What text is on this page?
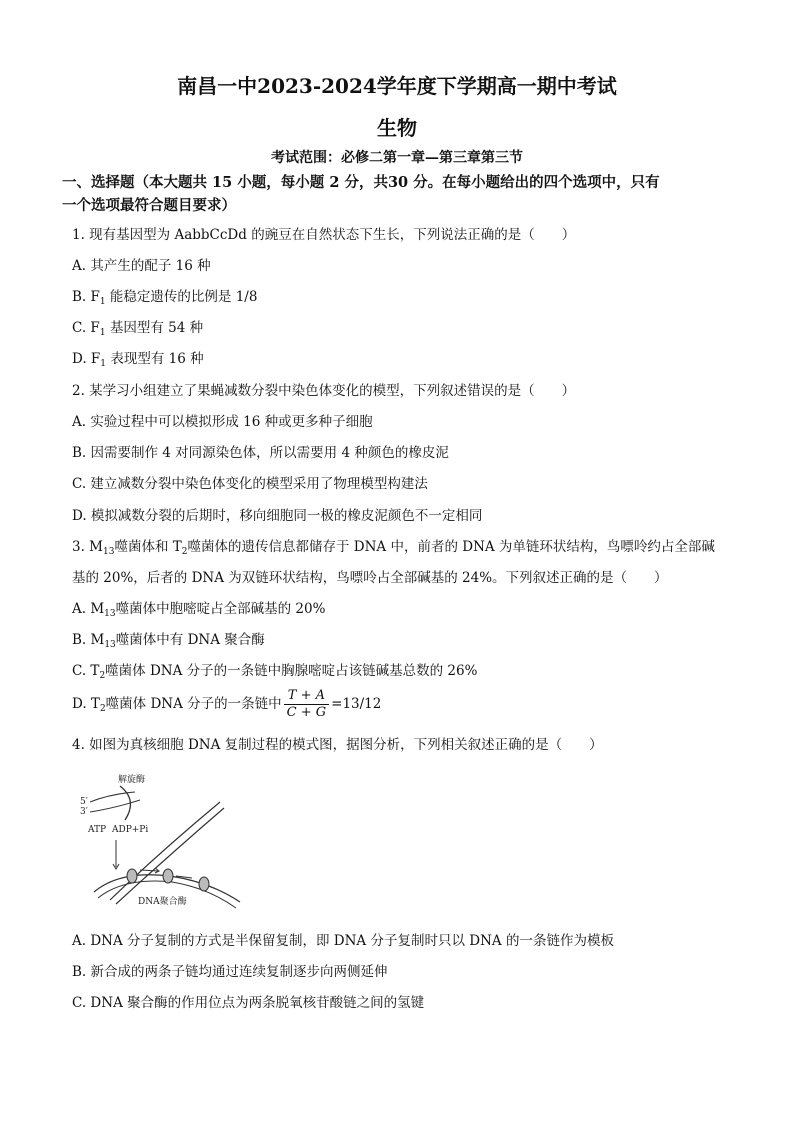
南昌一中2023-2024学年度下学期高一期中考试
生物
考试范围：必修二第一章—第三章第三节
一、选择题（本大题共 15 小题，每小题 2 分，共30 分。在每小题给出的四个选项中，只有
一个选项最符合题目要求）
1. 现有基因型为 AabbCcDd 的豌豆在自然状态下生长，下列说法正确的是（　　）
A. 其产生的配子 16 种
B. $F_1$ 能稳定遗传的比例是 1/8
C. $F_1$ 基因型有 54 种
D. $F_1$ 表现型有 16 种
2. 某学习小组建立了果蝇减数分裂中染色体变化的模型，下列叙述错误的是（　　）
A. 实验过程中可以模拟形成 16 种或更多种子细胞
B. 因需要制作 4 对同源染色体，所以需要用 4 种颜色的橡皮泥
C. 建立减数分裂中染色体变化的模型采用了物理模型构建法
D. 模拟减数分裂的后期时，移向细胞同一极的橡皮泥颜色不一定相同
3. $M_{13}$噬菌体和 $T_2$噬菌体的遗传信息都储存于 DNA 中，前者的 DNA 为单链环状结构，鸟嘌呤约占全部碱
基的 20%，后者的 DNA 为双链环状结构，鸟嘌呤占全部碱基的 24%。下列叙述正确的是（　　）
A. $M_{13}$噬菌体中胞嘧啶占全部碱基的 20%
B. $M_{13}$噬菌体中有 DNA 聚合酶
C. $T_2$噬菌体 DNA 分子的一条链中胸腺嘧啶占该链碱基总数的 26%
D. $T_2$噬菌体 DNA 分子的一条链中 $\frac{T + A}{C + G} =13/12$
4. 如图为真核细胞 DNA 复制过程的模式图，据图分析，下列相关叙述正确的是（　　）
解旋酶
5′
3′
ATP ADP+Pi
DNA聚合酶
A. DNA 分子复制的方式是半保留复制，即 DNA 分子复制时只以 DNA 的一条链作为模板
B. 新合成的两条子链均通过连续复制逐步向两侧延伸
C. DNA 聚合酶的作用位点为两条脱氧核苷酸链之间的氢键
